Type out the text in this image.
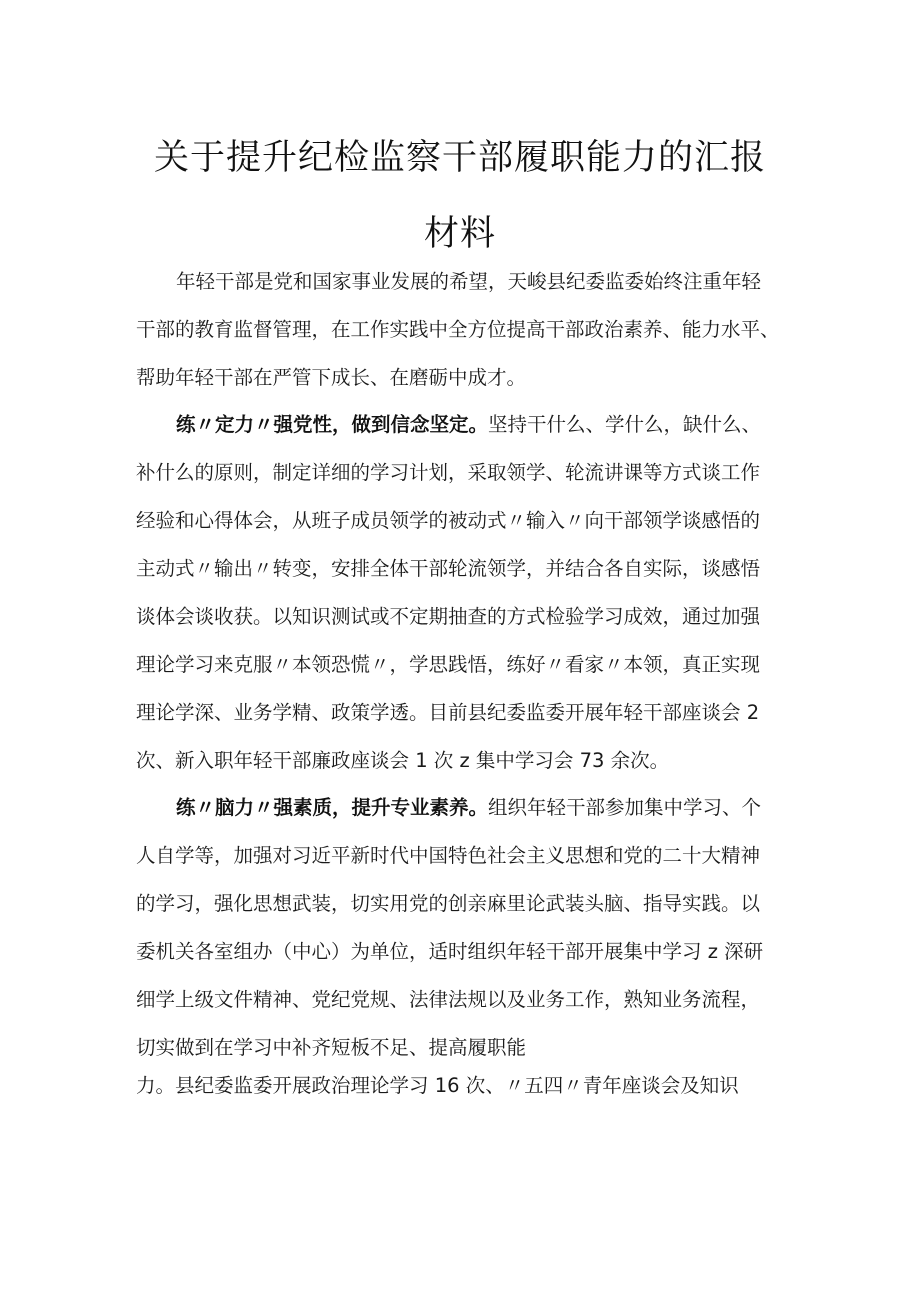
关于提升纪检监察干部履职能力的汇报
材料
年轻干部是党和国家事业发展的希望，天峻县纪委监委始终注重年轻
干部的教育监督管理，在工作实践中全方位提高干部政治素养、能力水平、
帮助年轻干部在严管下成长、在磨砺中成才。
练〃定力〃强党性，做到信念坚定。坚持干什么、学什么，缺什么、
补什么的原则，制定详细的学习计划，采取领学、轮流讲课等方式谈工作
经验和心得体会，从班子成员领学的被动式〃输入〃向干部领学谈感悟的
主动式〃输出〃转变，安排全体干部轮流领学，并结合各自实际，谈感悟
谈体会谈收获。以知识测试或不定期抽查的方式检验学习成效，通过加强
理论学习来克服〃本领恐慌〃，学思践悟，练好〃看家〃本领，真正实现
理论学深、业务学精、政策学透。目前县纪委监委开展年轻干部座谈会 2
次、新入职年轻干部廉政座谈会 1 次 z 集中学习会 73 余次。
练〃脑力〃强素质，提升专业素养。组织年轻干部参加集中学习、个
人自学等，加强对习近平新时代中国特色社会主义思想和党的二十大精神
的学习，强化思想武装，切实用党的创亲麻里论武装头脑、指导实践。以
委机关各室组办（中心）为单位，适时组织年轻干部开展集中学习 z 深研
细学上级文件精神、党纪党规、法律法规以及业务工作，熟知业务流程，
切实做到在学习中补齐短板不足、提高履职能
力。县纪委监委开展政治理论学习 16 次、〃五四〃青年座谈会及知识
